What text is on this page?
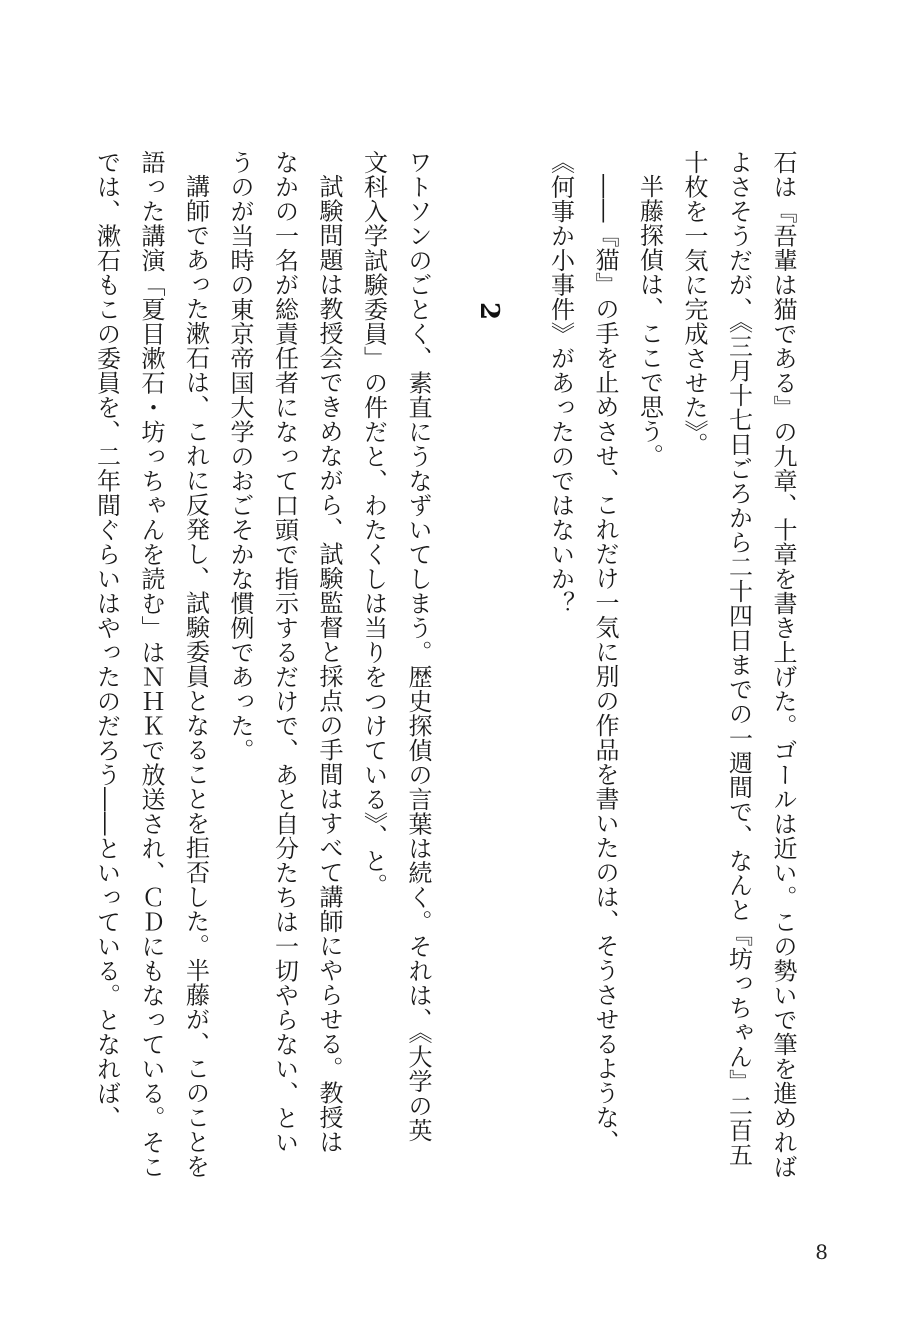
石は『吾輩は猫である』の九章、十章を書き上げた。ゴールは近い。この勢いで筆を進めれば

よさそうだが、《三月十七日ごろから二十四日までの一週間で、なんと『坊っちゃん』二百五

十枚を一気に完成させた》。

半藤探偵は、ここで思う。

――『猫』の手を止めさせ、これだけ一気に別の作品を書いたのは、そうさせるような、

《何事か小事件》があったのではないか？

2

ワトソンのごとく、素直にうなずいてしまう。歴史探偵の言葉は続く。それは、《大学の英

文科入学試験委員」の件だと、わたくしは当りをつけている》、と。

試験問題は教授会できめながら、試験監督と採点の手間はすべて講師にやらせる。教授は

なかの一名が総責任者になって口頭で指示するだけで、あと自分たちは一切やらない、とい

うのが当時の東京帝国大学のおごそかな慣例であった。

講師であった漱石は、これに反発し、試験委員となることを拒否した。半藤が、このことを

語った講演「夏目漱石・坊っちゃんを読む」はＮＨＫで放送され、ＣＤにもなっている。そこ

では、漱石もこの委員を、二年間ぐらいはやったのだろう――といっている。となれば、

8
